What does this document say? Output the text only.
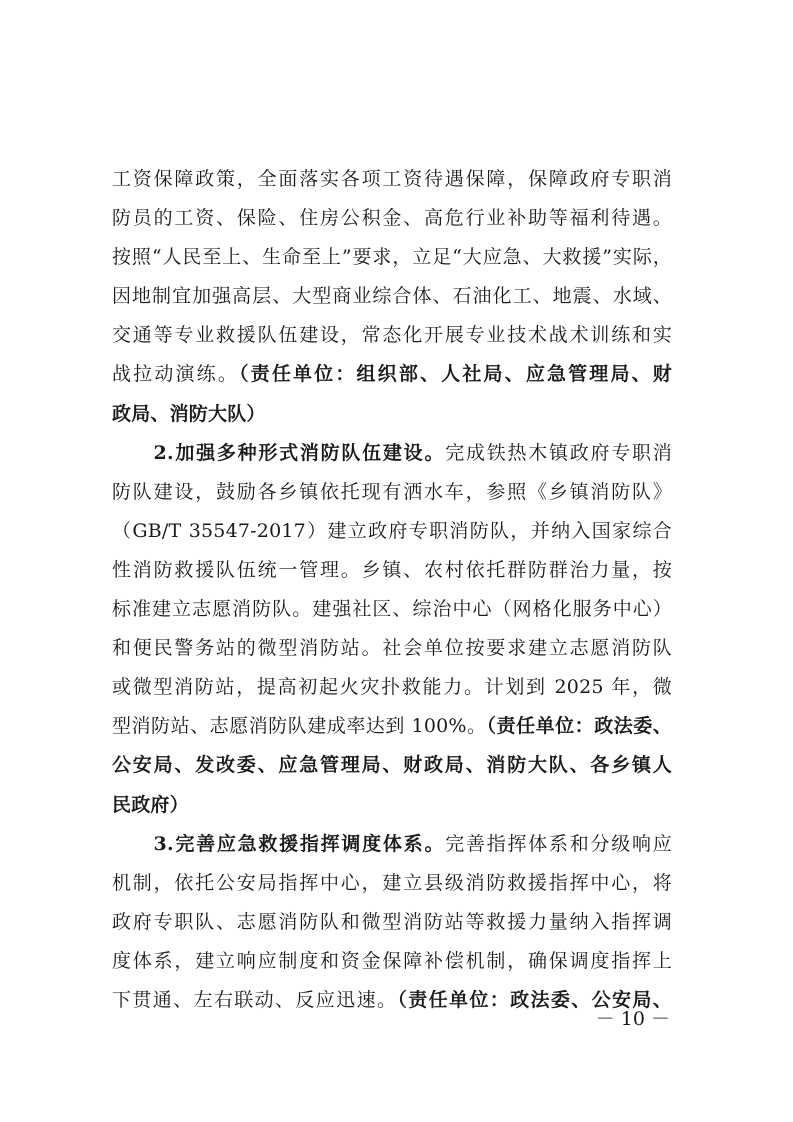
工资保障政策，全面落实各项工资待遇保障，保障政府专职消
防员的工资、保险、住房公积金、高危行业补助等福利待遇。
按照“人民至上、生命至上”要求，立足“大应急、大救援”实际，
因地制宜加强高层、大型商业综合体、石油化工、地震、水域、
交通等专业救援队伍建设，常态化开展专业技术战术训练和实
战拉动演练。（责任单位：组织部、人社局、应急管理局、财
政局、消防大队）
　　2.加强多种形式消防队伍建设。完成铁热木镇政府专职消
防队建设，鼓励各乡镇依托现有洒水车，参照《乡镇消防队》
（GB/T 35547-2017）建立政府专职消防队，并纳入国家综合
性消防救援队伍统一管理。乡镇、农村依托群防群治力量，按
标准建立志愿消防队。建强社区、综治中心（网格化服务中心）
和便民警务站的微型消防站。社会单位按要求建立志愿消防队
或微型消防站，提高初起火灾扑救能力。计划到 2025 年，微
型消防站、志愿消防队建成率达到 100%。（责任单位：政法委、
公安局、发改委、应急管理局、财政局、消防大队、各乡镇人
民政府）
　　3.完善应急救援指挥调度体系。完善指挥体系和分级响应
机制，依托公安局指挥中心，建立县级消防救援指挥中心，将
政府专职队、志愿消防队和微型消防站等救援力量纳入指挥调
度体系，建立响应制度和资金保障补偿机制，确保调度指挥上
下贯通、左右联动、反应迅速。（责任单位：政法委、公安局、
－ 10 －
